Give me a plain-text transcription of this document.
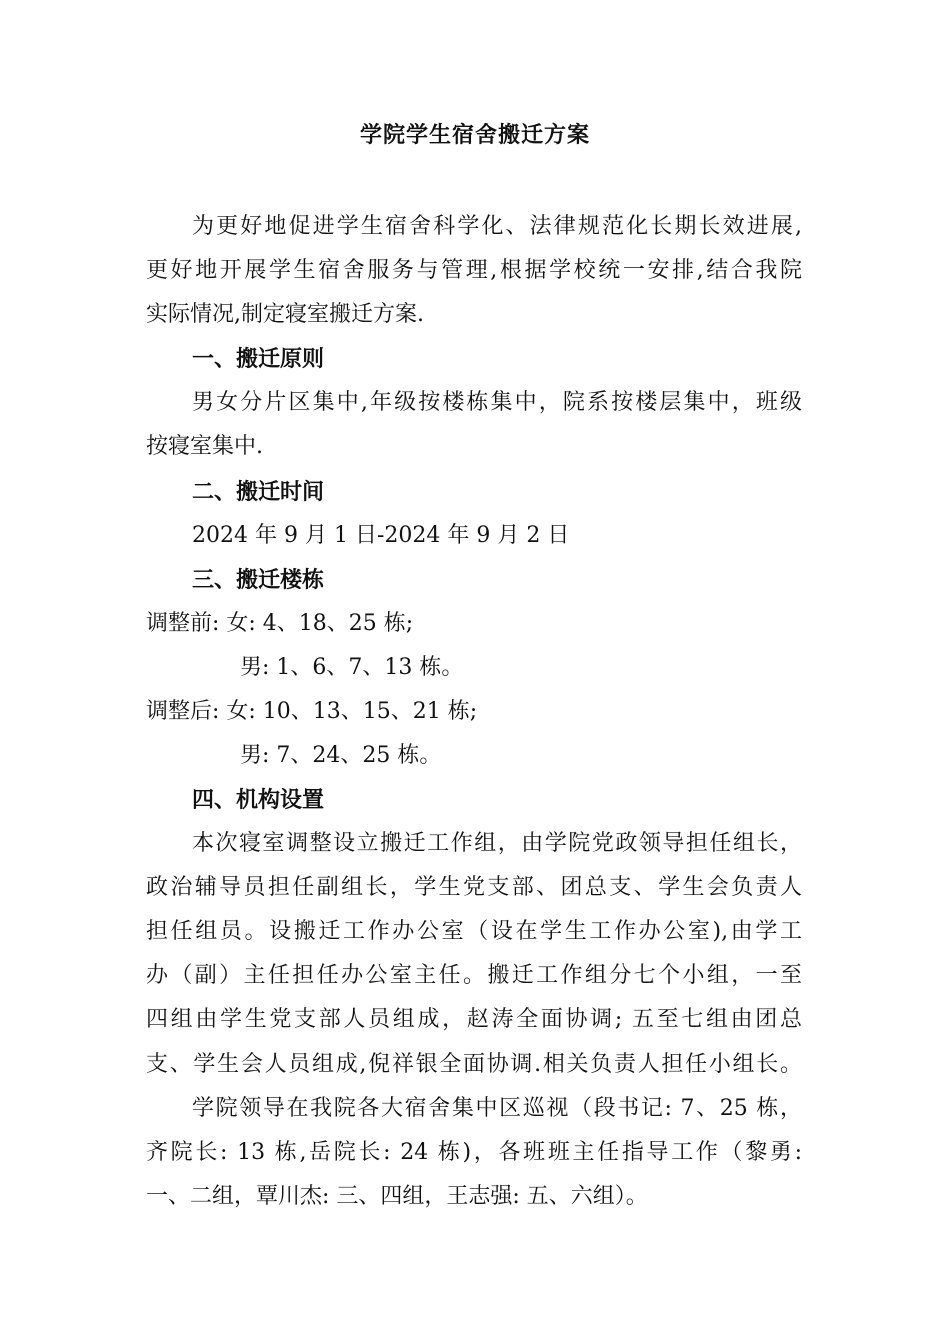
学院学生宿舍搬迁方案
为更好地促进学生宿舍科学化、法律规范化长期长效进展,
更好地开展学生宿舍服务与管理,根据学校统一安排,结合我院
实际情况,制定寝室搬迁方案.
一、搬迁原则
男女分片区集中,年级按楼栋集中，院系按楼层集中，班级
按寝室集中.
二、搬迁时间
2024 年 9 月 1 日-2024 年 9 月 2 日
三、搬迁楼栋
调整前: 女: 4、18、25 栋;
男: 1、6、7、13 栋。
调整后: 女: 10、13、15、21 栋;
男: 7、24、25 栋。
四、机构设置
本次寝室调整设立搬迁工作组，由学院党政领导担任组长，
政治辅导员担任副组长，学生党支部、团总支、学生会负责人
担任组员。设搬迁工作办公室（设在学生工作办公室),由学工
办（副）主任担任办公室主任。搬迁工作组分七个小组，一至
四组由学生党支部人员组成，赵涛全面协调; 五至七组由团总
支、学生会人员组成,倪祥银全面协调.相关负责人担任小组长。
学院领导在我院各大宿舍集中区巡视（段书记: 7、25 栋，
齐院长: 13 栋,岳院长: 24 栋)，各班班主任指导工作（黎勇:
一、二组，覃川杰: 三、四组，王志强: 五、六组）。
